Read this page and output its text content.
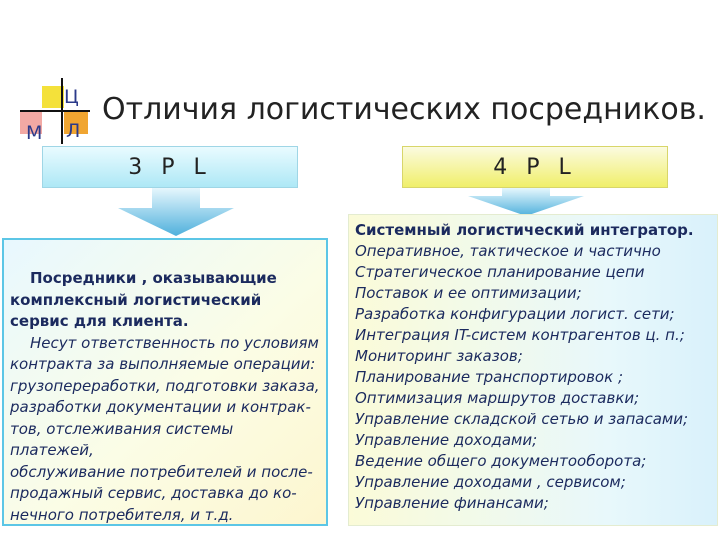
Ц
М Л
Отличия логистических посредников.
3 P L	4 P L
Посредники , оказывающие
комплексный логистический
сервис для клиента.
Несут ответственность по условиям
контракта за выполняемые операции:
грузопереработки, подготовки заказа,
разработки документации и контрак-
тов, отслеживания системы платежей,
обслуживание потребителей и после-
продажный сервис, доставка до ко-
нечного потребителя, и т.д.
Системный логистический интегратор.
Оперативное, тактическое и частично
Стратегическое планирование цепи
Поставок и ее оптимизации;
Разработка конфигурации логист. сети;
Интеграция IT-систем контрагентов ц. п.;
Мониторинг заказов;
Планирование транспортировок ;
Оптимизация маршрутов доставки;
Управление складской сетью и запасами;
Управление доходами;
Ведение общего документооборота;
Управление доходами , сервисом;
Управление финансами;
